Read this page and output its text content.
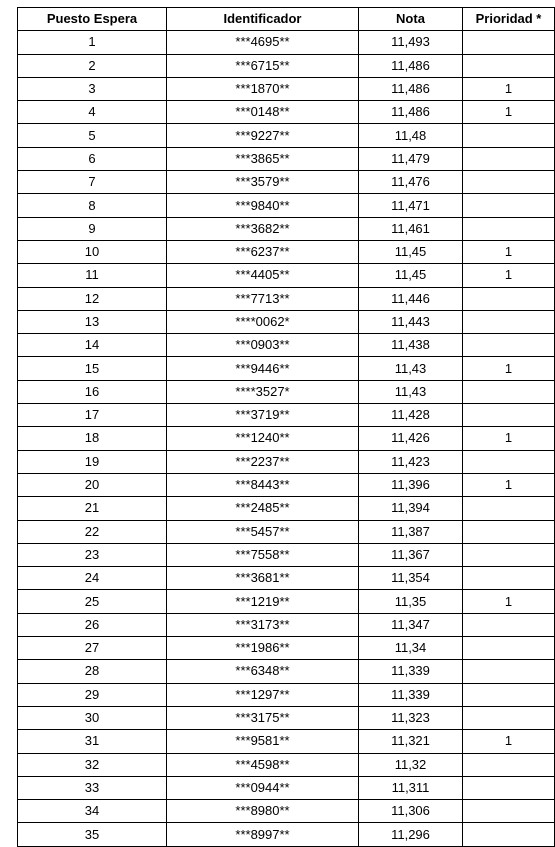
Puesto Espera	Identificador	Nota	Prioridad *
1	***4695**	11,493	
2	***6715**	11,486	
3	***1870**	11,486	1
4	***0148**	11,486	1
5	***9227**	11,48	
6	***3865**	11,479	
7	***3579**	11,476	
8	***9840**	11,471	
9	***3682**	11,461	
10	***6237**	11,45	1
11	***4405**	11,45	1
12	***7713**	11,446	
13	****0062*	11,443	
14	***0903**	11,438	
15	***9446**	11,43	1
16	****3527*	11,43	
17	***3719**	11,428	
18	***1240**	11,426	1
19	***2237**	11,423	
20	***8443**	11,396	1
21	***2485**	11,394	
22	***5457**	11,387	
23	***7558**	11,367	
24	***3681**	11,354	
25	***1219**	11,35	1
26	***3173**	11,347	
27	***1986**	11,34	
28	***6348**	11,339	
29	***1297**	11,339	
30	***3175**	11,323	
31	***9581**	11,321	1
32	***4598**	11,32	
33	***0944**	11,311	
34	***8980**	11,306	
35	***8997**	11,296	
